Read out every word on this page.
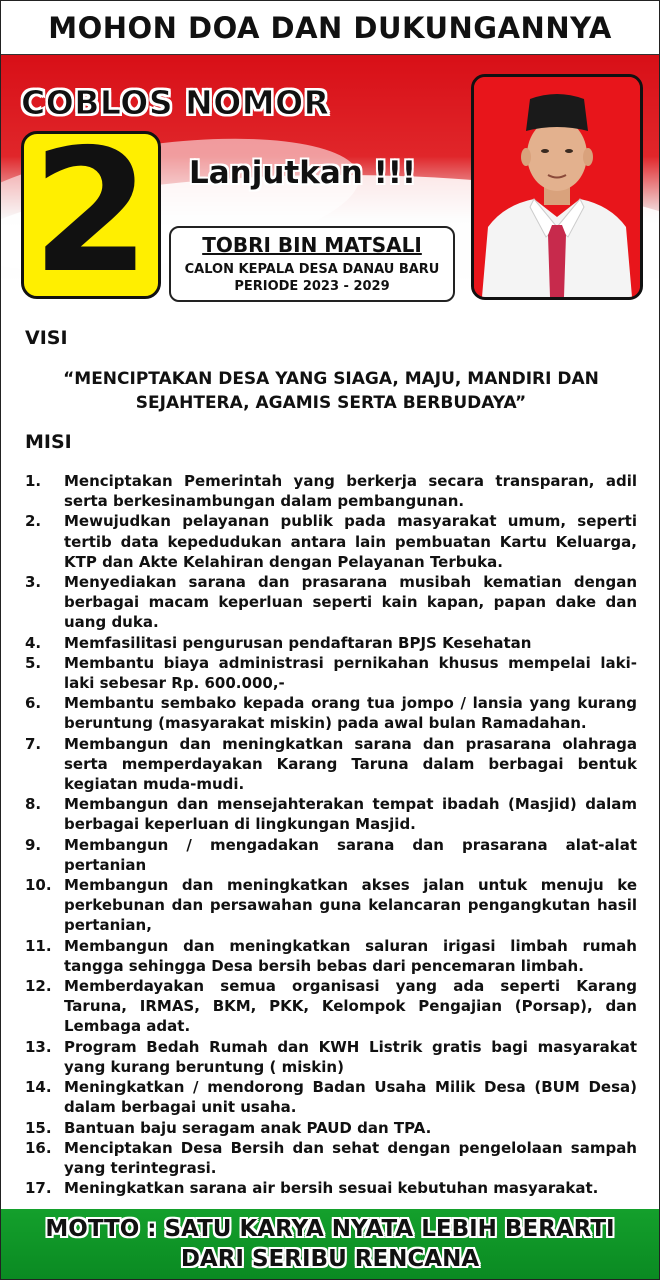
MOHON DOA DAN DUKUNGANNYA
COBLOS NOMOR
2 Lanjutkan !!!
TOBRI BIN MATSALI
CALON KEPALA DESA DANAU BARU
PERIODE 2023 - 2029
VISI
“MENCIPTAKAN DESA YANG SIAGA, MAJU, MANDIRI DAN
SEJAHTERA, AGAMIS SERTA BERBUDAYA”
MISI
1. Menciptakan Pemerintah yang berkerja secara transparan, adil serta berkesinambungan dalam pembangunan.
2. Mewujudkan pelayanan publik pada masyarakat umum, seperti tertib data kepedudukan antara lain pembuatan Kartu Keluarga, KTP dan Akte Kelahiran dengan Pelayanan Terbuka.
3. Menyediakan sarana dan prasarana musibah kematian dengan berbagai macam keperluan seperti kain kapan, papan dake dan uang duka.
4. Memfasilitasi pengurusan pendaftaran BPJS Kesehatan
5. Membantu biaya administrasi pernikahan khusus mempelai laki-laki sebesar Rp. 600.000,-
6. Membantu sembako kepada orang tua jompo / lansia yang kurang beruntung (masyarakat miskin) pada awal bulan Ramadahan.
7. Membangun dan meningkatkan sarana dan prasarana olahraga serta memperdayakan Karang Taruna dalam berbagai bentuk kegiatan muda-mudi.
8. Membangun dan mensejahterakan tempat ibadah (Masjid) dalam berbagai keperluan di lingkungan Masjid.
9. Membangun / mengadakan sarana dan prasarana alat-alat pertanian
10. Membangun dan meningkatkan akses jalan untuk menuju ke perkebunan dan persawahan guna kelancaran pengangkutan hasil pertanian,
11. Membangun dan meningkatkan saluran irigasi limbah rumah tangga sehingga Desa bersih bebas dari pencemaran limbah.
12. Memberdayakan semua organisasi yang ada seperti Karang Taruna, IRMAS, BKM, PKK, Kelompok Pengajian (Porsap), dan Lembaga adat.
13. Program Bedah Rumah dan KWH Listrik gratis bagi masyarakat yang kurang beruntung ( miskin)
14. Meningkatkan / mendorong Badan Usaha Milik Desa (BUM Desa) dalam berbagai unit usaha.
15. Bantuan baju seragam anak PAUD dan TPA.
16. Menciptakan Desa Bersih dan sehat dengan pengelolaan sampah yang terintegrasi.
17. Meningkatkan sarana air bersih sesuai kebutuhan masyarakat.
MOTTO : SATU KARYA NYATA LEBIH BERARTI
DARI SERIBU RENCANA
